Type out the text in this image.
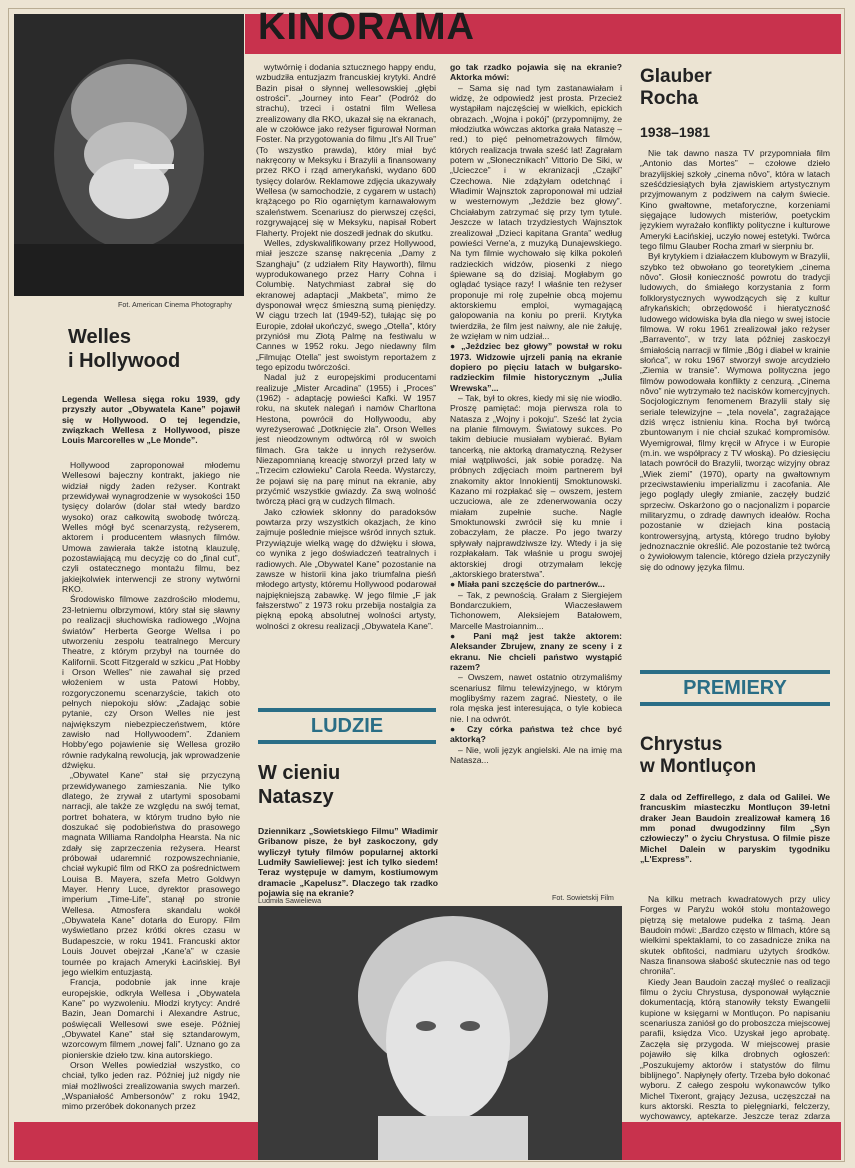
KINORAMA
Fot. American Cinema Photography
Welles
i Hollywood

Legenda Wellesa sięga roku 1939, gdy przyszły autor „Obywatela Kane” pojawił się w Hollywood. O tej legendzie, związkach Wellesa z Hollywood, pisze Louis Marcorelles w „Le Monde”.

Hollywood zaproponował młodemu Wellesowi bajeczny kontrakt, jakiego nie widział nigdy żaden reżyser. Kontrakt przewidywał wynagrodzenie w wysokości 150 tysięcy dolarów (dolar stał wtedy bardzo wysoko) oraz całkowitą swobodę twórczą. Welles mógł być scenarzystą, reżyserem, aktorem i producentem własnych filmów. Umowa zawierała także istotną klauzulę, pozostawiającą mu decyzję co do „final cut”, czyli ostatecznego montażu filmu, bez jakiejkolwiek interwencji ze strony wytwórni RKO.

Środowisko filmowe zazdrościło młodemu, 23-letniemu olbrzymowi, który stał się sławny po realizacji słuchowiska radiowego „Wojna światów” Herberta George Wellsa i po utworzeniu zespołu teatralnego Mercury Theatre, z którym przybył na tournée do Kalifornii. Scott Fitzgerald w szkicu „Pat Hobby i Orson Welles” nie zawahał się przed włożeniem w usta Patowi Hobby, rozgoryczonemu scenarzyście, takich oto pełnych niepokoju słów: „Zadając sobie pytanie, czy Orson Welles nie jest największym niebezpieczeństwem, które zawisło nad Hollywoodem”. Zdaniem Hobby'ego pojawienie się Wellesa groziło równie radykalną rewolucją, jak wprowadzenie dźwięku.

„Obywatel Kane” stał się przyczyną przewidywanego zamieszania. Nie tylko dlatego, że zrywał z utartymi sposobami narracji, ale także ze względu na swój temat, portret bohatera, w którym trudno było nie doszukać się podobieństwa do prasowego magnata Williama Randolpha Hearsta. Na nic zdały się zaprzeczenia reżysera. Hearst próbował udaremnić rozpowszechnianie, chciał wykupić film od RKO za pośrednictwem Louisa B. Mayera, szefa Metro Goldwyn Mayer. Henry Luce, dyrektor prasowego imperium „Time-Life”, stanął po stronie Wellesa. Atmosfera skandalu wokół „Obywatela Kane” dotarła do Europy. Film wyświetlano przez krótki okres czasu w Budapeszcie, w roku 1941. Francuski aktor Louis Jouvet obejrzał „Kane'a” w czasie tournée po krajach Ameryki Łacińskiej. Był jego wielkim entuzjastą.

Francja, podobnie jak inne kraje europejskie, odkryła Wellesa i „Obywatela Kane” po wyzwoleniu. Młodzi krytycy: André Bazin, Jean Domarchi i Alexandre Astruc, poświęcali Wellesowi swe eseje. Później „Obywatel Kane” stał się sztandarowym, wzorcowym filmem „nowej fali”. Uznano go za pionierskie dzieło tzw. kina autorskiego.

Orson Welles powiedział wszystko, co chciał, tylko jeden raz. Później już nigdy nie miał możliwości zrealizowania swych marzeń. „Wspaniałość Ambersonów” z roku 1942, mimo przeróbek dokonanych przez

wytwórnię i dodania sztucznego happy endu, wzbudziła entuzjazm francuskiej krytyki. André Bazin pisał o słynnej wellesowskiej „głębi ostrości”. „Journey into Fear” (Podróż do strachu), trzeci i ostatni film Wellesa zrealizowany dla RKO, ukazał się na ekranach, ale w czołówce jako reżyser figurował Norman Foster. Na przygotowania do filmu „It's All True” (To wszystko prawda), który miał być nakręcony w Meksyku i Brazylii a finansowany przez RKO i rząd amerykański, wydano 600 tysięcy dolarów. Reklamowe zdjęcia ukazywały Wellesa (w samochodzie, z cygarem w ustach) krążącego po Rio ogarniętym karnawałowym szaleństwem. Scenariusz do pierwszej części, rozgrywającej się w Meksyku, napisał Robert Flaherty. Projekt nie doszedł jednak do skutku.

Welles, zdyskwalifikowany przez Hollywood, miał jeszcze szansę nakręcenia „Damy z Szanghaju” (z udziałem Rity Hayworth), filmu wyprodukowanego przez Harry Cohna i Columbię. Natychmiast zabrał się do ekranowej adaptacji „Makbeta”, mimo że dysponował wręcz śmieszną sumą pieniędzy. W ciągu trzech lat (1949-52), tułając się po Europie, zdołał ukończyć, swego „Otella”, który przyniósł mu Złotą Palmę na festiwalu w Cannes w 1952 roku. Jego niedawny film „Filmując Otella” jest swoistym reportażem z tego epizodu twórczości.

Nadal już z europejskimi producentami realizuje „Mister Arcadina” (1955) i „Proces” (1962) - adaptację powieści Kafki. W 1957 roku, na skutek nalegań i namów Charltona Hestona, powrócił do Hollywoodu, aby wyreżyserować „Dotknięcie zła”. Orson Welles jest nieodzownym odtwórcą ról w swoich filmach. Gra także u innych reżyserów. Niezapomnianą kreację stworzył przed laty w „Trzecim człowieku” Carola Reeda. Wystarczy, że pojawi się na parę minut na ekranie, aby przyćmić wszystkie gwiazdy. Za swą wolność twórczą płaci grą w cudzych filmach.

Jako człowiek skłonny do paradoksów powtarza przy wszystkich okazjach, że kino zajmuje poślednie miejsce wśród innych sztuk. Przywiązuje wielką wagę do dźwięku i słowa, co wynika z jego doświadczeń teatralnych i radiowych. Ale „Obywatel Kane” pozostanie na zawsze w historii kina jako triumfalna pieśń młodego artysty, któremu Hollywood podarował najpiękniejszą zabawkę. W jego filmie „F jak fałszerstwo” z 1973 roku przebija nostalgia za piękną epoką absolutnej wolności artysty, wolności z okresu realizacji „Obywatela Kane”.

LUDZIE
W cieniu
Nataszy

Dziennikarz „Sowietskiego Filmu” Władimir Gribanow pisze, że był zaskoczony, gdy wyliczył tytuły filmów popularnej aktorki Ludmiły Sawieliewej: jest ich tylko siedem! Teraz występuje w damym, kostiumowym dramacie „Kapelusz”. Dlaczego tak rzadko pojawia się na ekranie?

Ludmiła Sawieliewa	Fot. Sowietskij Film

go tak rzadko pojawia się na ekranie? Aktorka mówi:

– Sama się nad tym zastanawiałam i widzę, że odpowiedź jest prosta. Przecież wystąpiłam najczęściej w wielkich, epickich obrazach. „Wojna i pokój” (przypomnijmy, że młodziutka wówczas aktorka grała Nataszę – red.) to pięć pełnometrażowych filmów, których realizacja trwała sześć lat! Zagrałam potem w „Słonecznikach” Vittorio De Siki, w „Ucieczce” i w ekranizacji „Czajki” Czechowa. Nie zdążyłam odetchnąć i Władimir Wajnsztok zaproponował mi udział w westernowym „Jeździe bez głowy”. Chciałabym zatrzymać się przy tym tytule. Jeszcze w latach trzydziestych Wajnsztok zrealizował „Dzieci kapitana Granta” według powieści Verne'a, z muzyką Dunajewskiego. Na tym filmie wychowało się kilka pokoleń radzieckich widzów, piosenki z niego śpiewane są do dzisiaj. Mogłabym go oglądać tysiące razy! I właśnie ten reżyser proponuje mi rolę zupełnie obcą mojemu aktorskiemu emploi, wymagającą galopowania na koniu po prerii. Krytyka twierdziła, że film jest naiwny, ale nie żałuję, że wzięłam w nim udział...

● „Jeździec bez głowy” powstał w roku 1973. Widzowie ujrzeli panią na ekranie dopiero po pięciu latach w bułgarsko-radzieckim filmie historycznym „Julia Wrewska”...

– Tak, był to okres, kiedy mi się nie wiodło. Proszę pamiętać: moja pierwsza rola to Natasza z „Wojny i pokoju”. Sześć lat życia na planie filmowym. Światowy sukces. Po takim debiucie musiałam wybierać. Byłam tancerką, nie aktorką dramatyczną. Reżyser miał wątpliwości, jak sobie poradzę. Na próbnych zdjęciach moim partnerem był znakomity aktor Innokientij Smoktunowski. Kazano mi rozpłakać się – owszem, jestem uczuciowa, ale ze zdenerwowania oczy miałam zupełnie suche. Nagle Smoktunowski zwrócił się ku mnie i zobaczyłam, że płacze. Po jego twarzy spływały najprawdziwsze łzy. Wtedy i ja się rozpłakałam. Tak właśnie u progu swojej aktorskiej drogi otrzymałam lekcję „aktorskiego braterstwa”.

● Miała pani szczęście do partnerów...

– Tak, z pewnością. Grałam z Siergiejem Bondarczukiem, Wiaczesławem Tichonowem, Aleksiejem Batałowem, Marcelle Mastroiannim...

● Pani mąż jest także aktorem: Aleksander Zbrujew, znany ze sceny i z ekranu. Nie chcieli państwo wystąpić razem?

– Owszem, nawet ostatnio otrzymaliśmy scenariusz filmu telewizyjnego, w którym moglibyśmy razem zagrać. Niestety, o ile rola męska jest interesująca, o tyle kobieca nie. I na odwrót.

● Czy córka państwa też chce być aktorką?

– Nie, woli język angielski. Ale na imię ma Natasza...

Glauber
Rocha
1938–1981

Nie tak dawno nasza TV przypomniała film „Antonio das Mortes” – czołowe dzieło brazylijskiej szkoły „cinema nôvo”, która w latach sześćdziesiątych była zjawiskiem artystycznym przyjmowanym z podziwem na całym świecie. Kino gwałtowne, metaforyczne, korzeniami sięgające ludowych misteriów, poetyckim językiem wyrażało konflikty polityczne i kulturowe Ameryki Łacińskiej, uczyło nowej estetyki. Twórca tego filmu Glauber Rocha zmarł w sierpniu br.

Był krytykiem i działaczem klubowym w Brazylii, szybko też obwołano go teoretykiem „cinema nôvo”. Głosił konieczność powrotu do tradycji ludowych, do śmiałego korzystania z form folklorystycznych wywodzących się z kultur afrykańskich; obrzędowość i hieratyczność ludowego widowiska była dla niego w swej istocie filmowa. W roku 1961 zrealizował jako reżyser „Barravento”, w trzy lata później zaskoczył śmiałością narracji w filmie „Bóg i diabeł w krainie słońca”, w roku 1967 stworzył swoje arcydzieło „Ziemia w transie”. Wymowa polityczna jego filmów powodowała konflikty z cenzurą. „Cinema nôvo” nie wytrzymało też nacisków komercyjnych. Socjologicznym fenomenem Brazylii stały się seriale telewizyjne – „tela novela”, zagrażające dziś wręcz istnieniu kina. Rocha był twórcą zbuntowanym i nie chciał szukać kompromisów. Wyemigrował, filmy kręcił w Afryce i w Europie (m.in. we współpracy z TV włoską). Po dziesięciu latach powrócił do Brazylii, tworząc wizyjny obraz „Wiek ziemi” (1970), oparty na gwałtownym przeciwstawieniu imperializmu i zacofania. Ale jego poglądy uległy zmianie, zaczęły budzić sprzeciw. Oskarżono go o nacjonalizm i poparcie militaryzmu, o zdradę dawnych ideałów. Rocha pozostanie w dziejach kina postacią kontrowersyjną, artystą, którego trudno byłoby jednoznacznie określić. Ale pozostanie też twórcą o żywiołowym talencie, którego dzieła przyczyniły się do odnowy języka filmu.

PREMIERY
Chrystus
w Montluçon

Z dala od Zeffirellego, z dala od Galilei. We francuskim miasteczku Montluçon 39-letni draker Jean Baudoin zrealizował kamerą 16 mm ponad dwugodzinny film „Syn człowieczy” o życiu Chrystusa. O filmie pisze Michel Dalein w paryskim tygodniku „L'Express”.

Na kilku metrach kwadratowych przy ulicy Forges w Paryżu wokół stołu montażowego piętrzą się metalowe pudełka z taśmą. Jean Baudoin mówi: „Bardzo często w filmach, które są wielkimi spektaklami, to co zasadnicze znika na skutek obfitości, nadmiaru użytych środków. Nasza finansowa słabość skutecznie nas od tego chroniła”.

Kiedy Jean Baudoin zaczął myśleć o realizacji filmu o życiu Chrystusa, dysponował wyłącznie dokumentacją, którą stanowiły teksty Ewangelii kupione w księgarni w Montluçon. Po napisaniu scenariusza zaniósł go do proboszcza miejscowej parafii, księdza Vico. Uzyskał jego aprobatę. Zaczęła się przygoda. W miejscowej prasie pojawiło się kilka drobnych ogłoszeń: „Poszukujemy aktorów i statystów do filmu biblijnego”. Napłynęły oferty. Trzeba było dokonać wyboru. Z całego zespołu wykonawców tylko Michel Tixeront, grający Jezusa, uczęszczał na kurs aktorski. Reszta to pielęgniarki, felczerzy, wychowawcy, aptekarze. Jeszcze teraz zdarza
